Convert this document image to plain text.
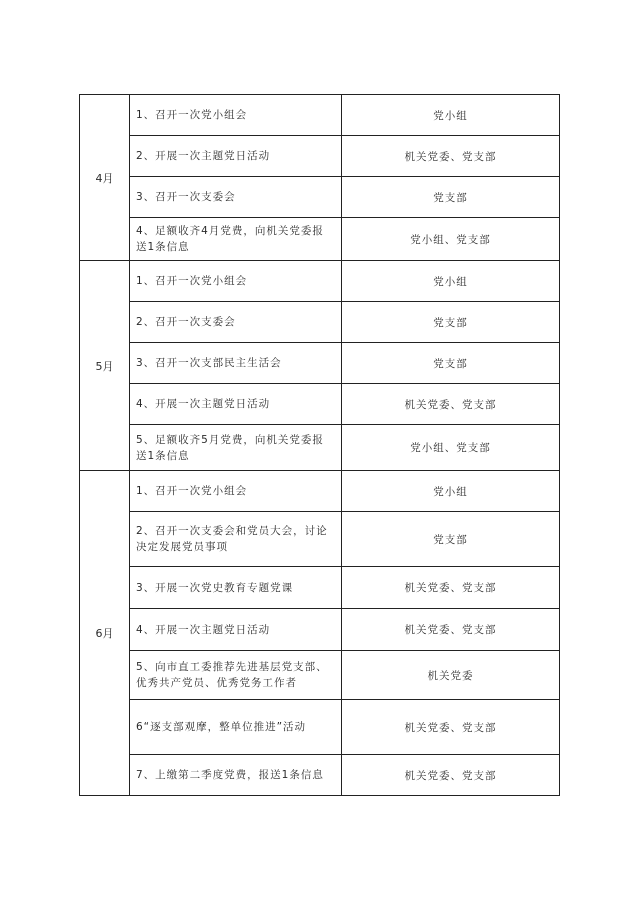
4月	1、召开一次党小组会	党小组
	2、开展一次主题党日活动	机关党委、党支部
	3、召开一次支委会	党支部
	4、足额收齐4月党费，向机关党委报送1条信息	党小组、党支部
5月	1、召开一次党小组会	党小组
	2、召开一次支委会	党支部
	3、召开一次支部民主生活会	党支部
	4、开展一次主题党日活动	机关党委、党支部
	5、足额收齐5月党费，向机关党委报送1条信息	党小组、党支部
6月	1、召开一次党小组会	党小组
	2、召开一次支委会和党员大会，讨论决定发展党员事项	党支部
	3、开展一次党史教育专题党课	机关党委、党支部
	4、开展一次主题党日活动	机关党委、党支部
	5、向市直工委推荐先进基层党支部、优秀共产党员、优秀党务工作者	机关党委
	6“逐支部观摩，整单位推进”活动	机关党委、党支部
	7、上缴第二季度党费，报送1条信息	机关党委、党支部
